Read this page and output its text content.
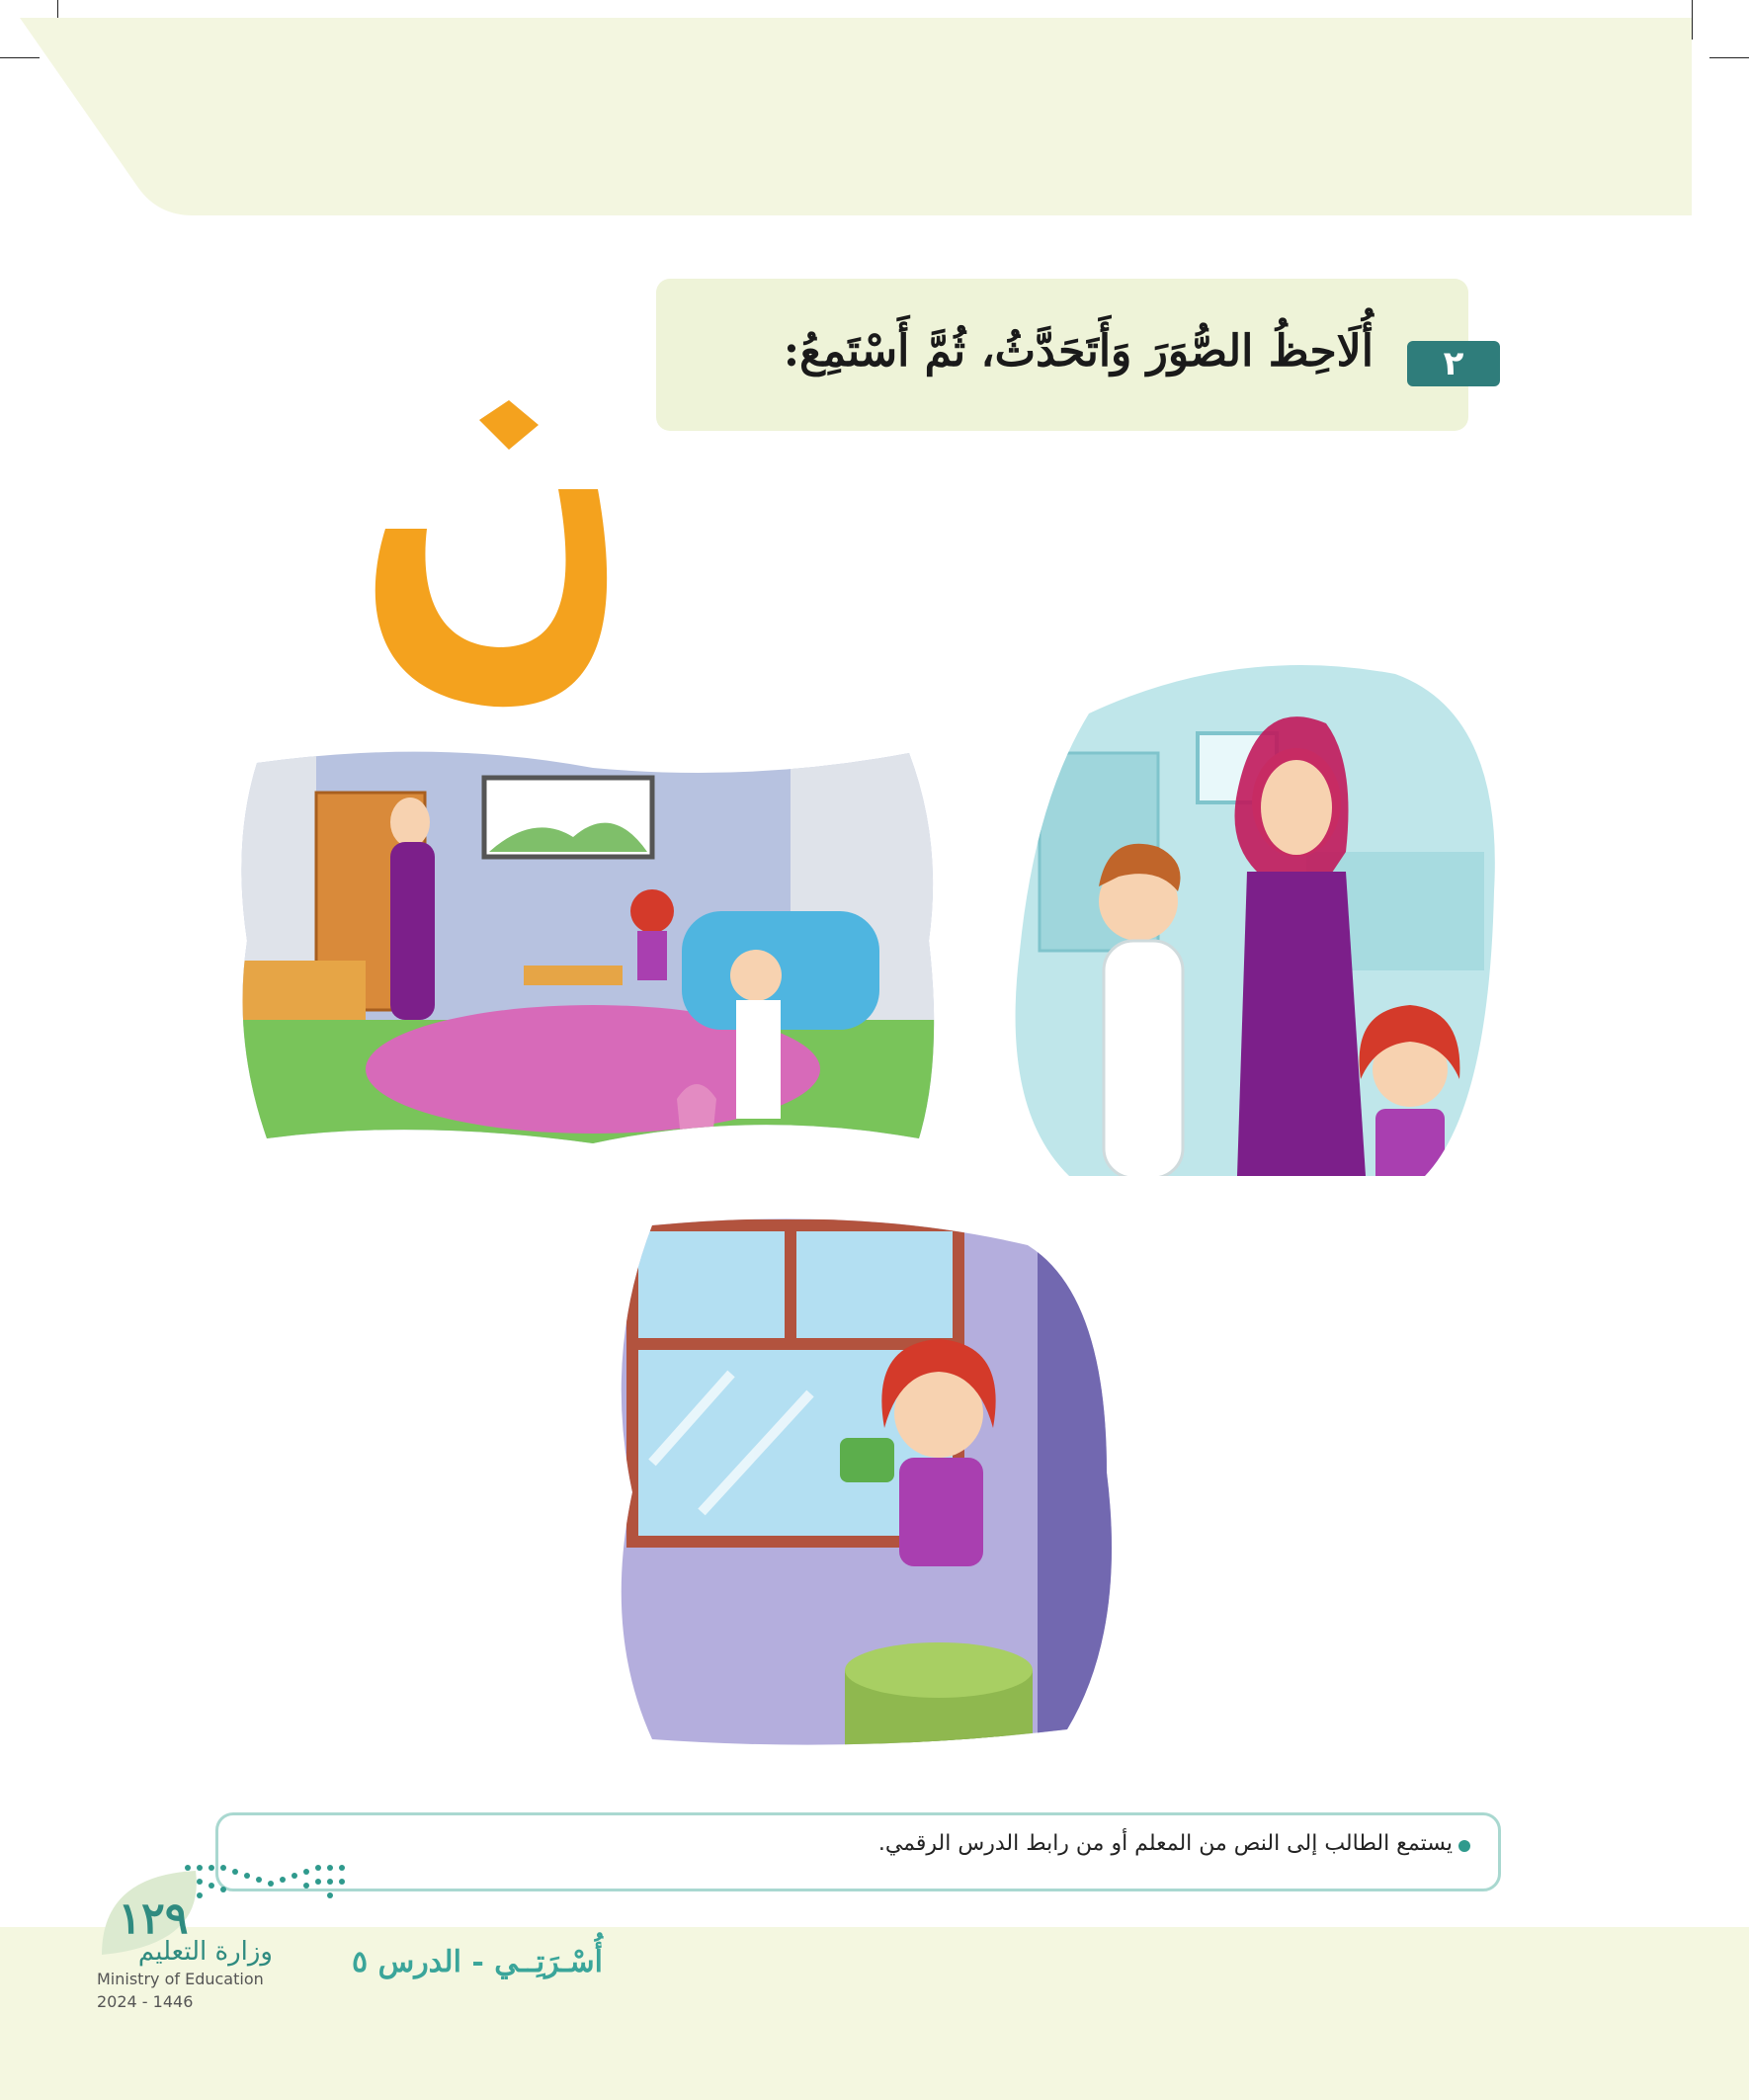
٢
أُلَاحِظُ الصُّوَرَ وَأَتَحَدَّثُ، ثُمَّ أَسْتَمِعُ:
يستمع الطالب إلى النص من المعلم أو من رابط الدرس الرقمي.
١٢٩
وزارة التعليم
Ministry of Education
2024 - 1446
أُسْـرَتِــي - الدرس ٥
